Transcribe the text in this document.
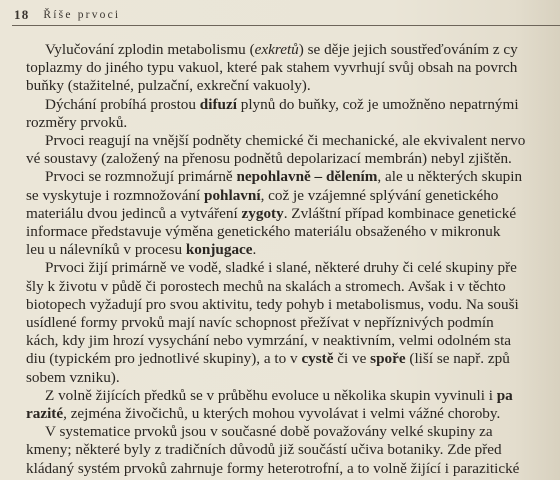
18 Říše prvoci
Vylučování zplodin metabolismu (exkretů) se děje jejich soustřeďováním z cy
toplazmy do jiného typu vakuol, které pak stahem vyvrhují svůj obsah na povrch
buňky (stažitelné, pulzační, exkreční vakuoly).
Dýchání probíhá prostou difuzí plynů do buňky, což je umožněno nepatrnými
rozměry prvoků.
Prvoci reagují na vnější podněty chemické či mechanické, ale ekvivalent nervo
vé soustavy (založený na přenosu podnětů depolarizací membrán) nebyl zjištěn.
Prvoci se rozmnožují primárně nepohlavně – dělením, ale u některých skupin
se vyskytuje i rozmnožování pohlavní, což je vzájemné splývání genetického
materiálu dvou jedinců a vytváření zygoty. Zvláštní případ kombinace genetické
informace představuje výměna genetického materiálu obsaženého v mikronuk
leu u nálevníků v procesu konjugace.
Prvoci žijí primárně ve vodě, sladké i slané, některé druhy či celé skupiny pře
šly k životu v půdě či porostech mechů na skalách a stromech. Avšak i v těchto
biotopech vyžadují pro svou aktivitu, tedy pohyb i metabolismus, vodu. Na souši
usídlené formy prvoků mají navíc schopnost přežívat v nepříznivých podmín
kách, kdy jim hrozí vysychání nebo vymrzání, v neaktivním, velmi odolném sta
diu (typickém pro jednotlivé skupiny), a to v cystě či ve spoře (liší se např. způ
sobem vzniku).
Z volně žijících předků se v průběhu evoluce u několika skupin vyvinuli i pa
razité, zejména živočichů, u kterých mohou vyvolávat i velmi vážné choroby.
V systematice prvoků jsou v současné době považovány velké skupiny za
kmeny; některé byly z tradičních důvodů již součástí učiva botaniky. Zde před
kládaný systém prvoků zahrnuje formy heterotrofní, a to volně žijící i parazitické
